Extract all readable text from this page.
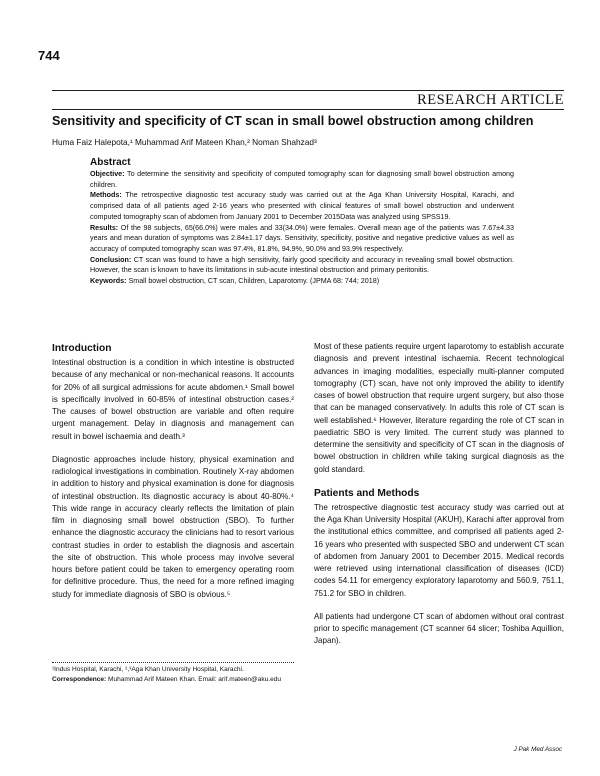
744
RESEARCH ARTICLE
Sensitivity and specificity of CT scan in small bowel obstruction among children
Huma Faiz Halepota,¹ Muhammad Arif Mateen Khan,² Noman Shahzad³
Abstract

Objective: To determine the sensitivity and specificity of computed tomography scan for diagnosing small bowel obstruction among children.

Methods: The retrospective diagnostic test accuracy study was carried out at the Aga Khan University Hospital, Karachi, and comprised data of all patients aged 2-16 years who presented with clinical features of small bowel obstruction and underwent computed tomography scan of abdomen from January 2001 to December 2015Data was analyzed using SPSS19.

Results: Of the 98 subjects, 65(66.0%) were males and 33(34.0%) were females. Overall mean age of the patients was 7.67±4.33 years and mean duration of symptoms was 2.84±1.17 days. Sensitivity, specificity, positive and negative predictive values as well as accuracy of computed tomography scan was 97.4%, 81.8%, 94.9%, 90.0% and 93.9% respectively.

Conclusion: CT scan was found to have a high sensitivity, fairly good specificity and accuracy in revealing small bowel obstruction. However, the scan is known to have its limitations in sub-acute intestinal obstruction and primary peritonitis.

Keywords: Small bowel obstruction, CT scan, Children, Laparotomy. (JPMA 68: 744; 2018)

Introduction

Intestinal obstruction is a condition in which intestine is obstructed because of any mechanical or non-mechanical reasons. It accounts for 20% of all surgical admissions for acute abdomen.¹ Small bowel is specifically involved in 60-85% of intestinal obstruction cases.² The causes of bowel obstruction are variable and often require urgent management. Delay in diagnosis and management can result in bowel ischaemia and death.³

Diagnostic approaches include history, physical examination and radiological investigations in combination. Routinely X-ray abdomen in addition to history and physical examination is done for diagnosis of intestinal obstruction. Its diagnostic accuracy is about 40-80%.⁴ This wide range in accuracy clearly reflects the limitation of plain film in diagnosing small bowel obstruction (SBO). To further enhance the diagnostic accuracy the clinicians had to resort various contrast studies in order to establish the diagnosis and ascertain the site of obstruction. This whole process may involve several hours before patient could be taken to emergency operating room for definitive procedure. Thus, the need for a more refined imaging study for immediate diagnosis of SBO is obvious.⁵

Most of these patients require urgent laparotomy to establish accurate diagnosis and prevent intestinal ischaemia. Recent technological advances in imaging modalities, especially multi-planner computed tomography (CT) scan, have not only improved the ability to identify cases of bowel obstruction that require urgent surgery, but also those that can be managed conservatively. In adults this role of CT scan is well established.⁶ However, literature regarding the role of CT scan in paediatric SBO is very limited. The current study was planned to determine the sensitivity and specificity of CT scan in the diagnosis of bowel obstruction in children while taking surgical diagnosis as the gold standard.

Patients and Methods

The retrospective diagnostic test accuracy study was carried out at the Aga Khan University Hospital (AKUH), Karachi after approval from the institutional ethics committee, and comprised all patients aged 2-16 years who presented with suspected SBO and underwent CT scan of abdomen from January 2001 to December 2015. Medical records were retrieved using international classification of diseases (ICD) codes 54.11 for emergency exploratory laparotomy and 560.9, 751.1, 751.2 for SBO in children.

All patients had undergone CT scan of abdomen without oral contrast prior to specific management (CT scanner 64 slicer; Toshiba Aquillion, Japan).

¹Indus Hospital, Karachi, ²,³Aga Khan University Hospital, Karachi.

Correspondence: Muhammad Arif Mateen Khan. Email: arif.mateen@aku.edu

J Pak Med Assoc
